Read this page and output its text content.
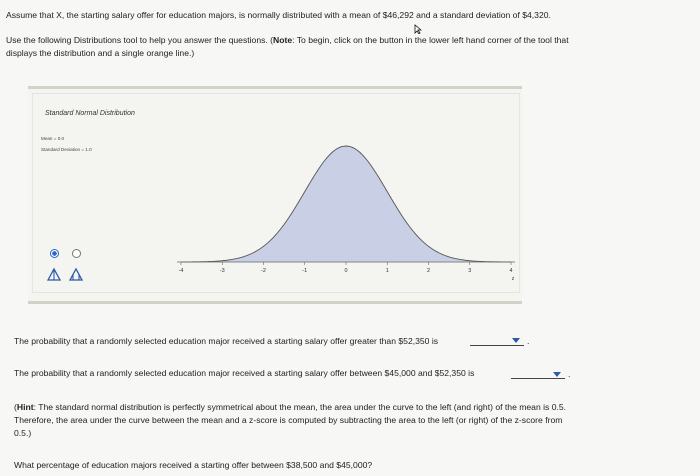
Assume that X, the starting salary offer for education majors, is normally distributed with a mean of $46,292 and a standard deviation of $4,320.
Use the following Distributions tool to help you answer the questions. (Note: To begin, click on the button in the lower left hand corner of the tool that
displays the distribution and a single orange line.)
Standard Normal Distribution
Mean = 0.0
Standard Deviation = 1.0
-4	-3	-2	-1	0	1	2	3	4
z
The probability that a randomly selected education major received a starting salary offer greater than $52,350 is	.
The probability that a randomly selected education major received a starting salary offer between $45,000 and $52,350 is	.
(Hint: The standard normal distribution is perfectly symmetrical about the mean, the area under the curve to the left (and right) of the mean is 0.5.
Therefore, the area under the curve between the mean and a z-score is computed by subtracting the area to the left (or right) of the z-score from
0.5.)
What percentage of education majors received a starting offer between $38,500 and $45,000?
